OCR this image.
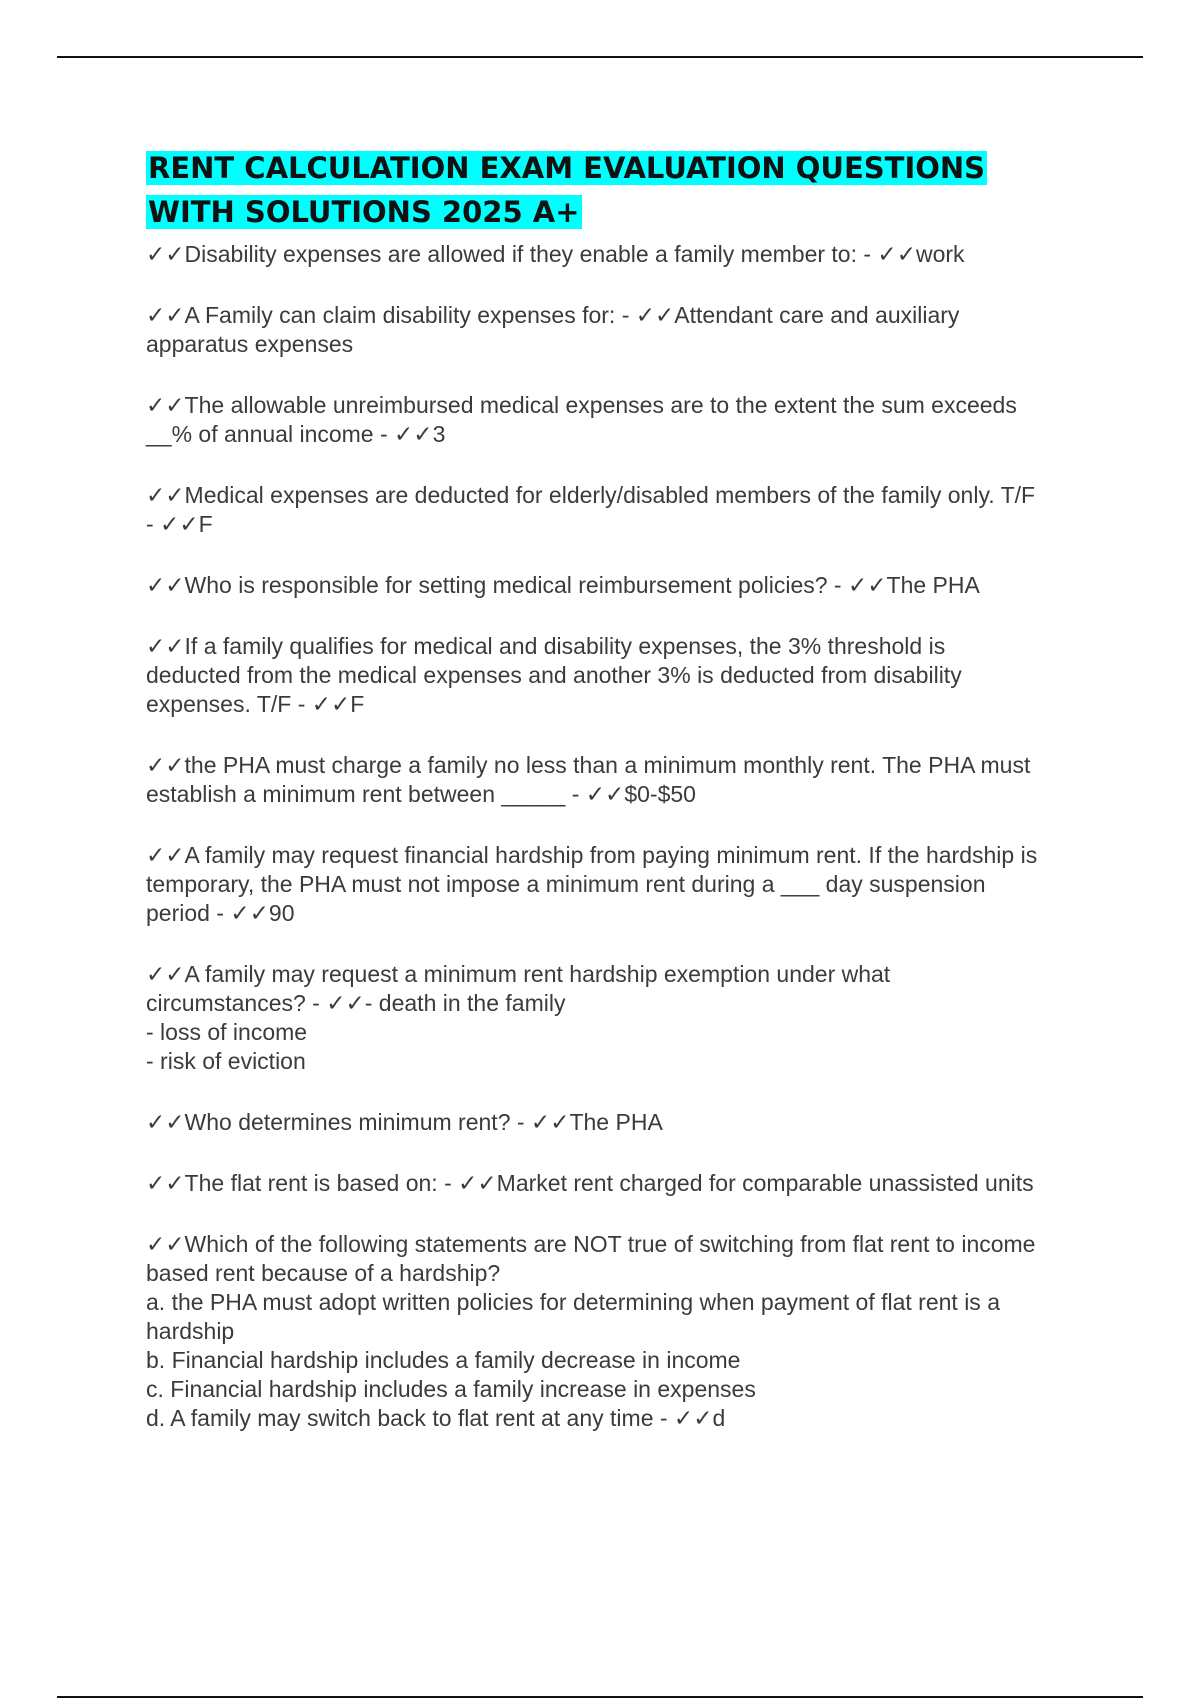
RENT CALCULATION EXAM EVALUATION QUESTIONS
WITH SOLUTIONS 2025 A+
✓✓Disability expenses are allowed if they enable a family member to: - ✓✓work
✓✓A Family can claim disability expenses for: - ✓✓Attendant care and auxiliary
apparatus expenses
✓✓The allowable unreimbursed medical expenses are to the extent the sum exceeds
__% of annual income - ✓✓3
✓✓Medical expenses are deducted for elderly/disabled members of the family only. T/F
- ✓✓F
✓✓Who is responsible for setting medical reimbursement policies? - ✓✓The PHA
✓✓If a family qualifies for medical and disability expenses, the 3% threshold is
deducted from the medical expenses and another 3% is deducted from disability
expenses. T/F - ✓✓F
✓✓the PHA must charge a family no less than a minimum monthly rent. The PHA must
establish a minimum rent between _____ - ✓✓$0-$50
✓✓A family may request financial hardship from paying minimum rent. If the hardship is
temporary, the PHA must not impose a minimum rent during a ___ day suspension
period - ✓✓90
✓✓A family may request a minimum rent hardship exemption under what
circumstances? - ✓✓- death in the family
- loss of income
- risk of eviction
✓✓Who determines minimum rent? - ✓✓The PHA
✓✓The flat rent is based on: - ✓✓Market rent charged for comparable unassisted units
✓✓Which of the following statements are NOT true of switching from flat rent to income
based rent because of a hardship?
a. the PHA must adopt written policies for determining when payment of flat rent is a
hardship
b. Financial hardship includes a family decrease in income
c. Financial hardship includes a family increase in expenses
d. A family may switch back to flat rent at any time - ✓✓d
